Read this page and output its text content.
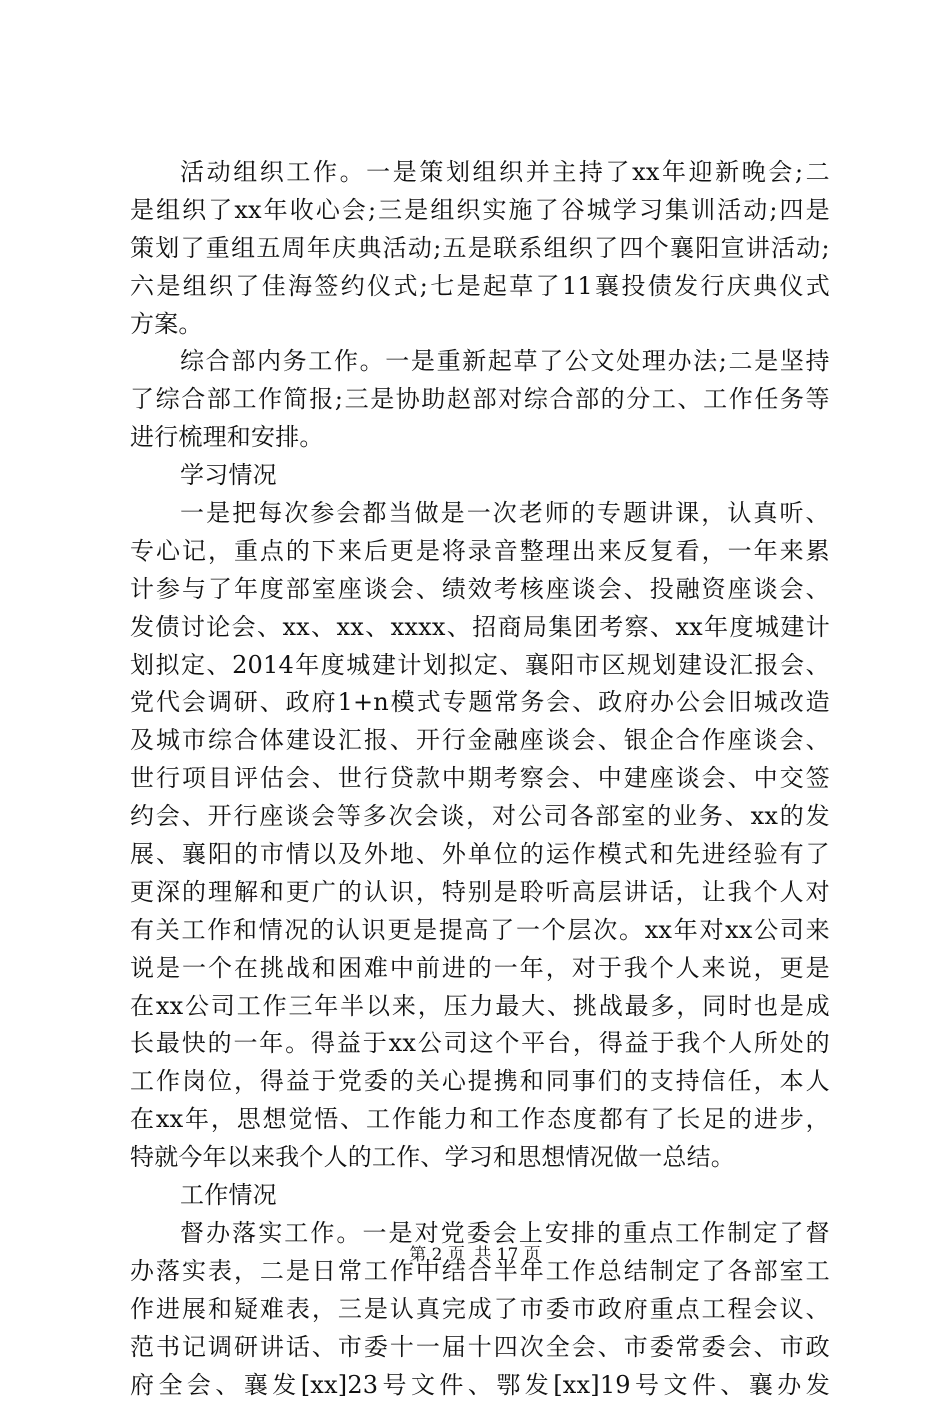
活 动 组 织 工 作 。 一 是 策 划 组 织 并 主 持 了 xx 年 迎 新 晚 会 ; 二
是 组 织 了 xx 年 收 心 会 ; 三 是 组 织 实 施 了 谷 城 学 习 集 训 活 动 ; 四 是
策 划 了 重 组 五 周 年 庆 典 活 动 ; 五 是 联 系 组 织 了 四 个 襄 阳 宣 讲 活 动 ;
六 是 组 织 了 佳 海 签 约 仪 式 ; 七 是 起 草 了 11 襄 投 债 发 行 庆 典 仪 式
方案。
综 合 部 内 务 工 作 。 一 是 重 新 起 草 了 公 文 处 理 办 法 ; 二 是 坚 持
了 综 合 部 工 作 简 报 ; 三 是 协 助 赵 部 对 综 合 部 的 分 工 、 工 作 任 务 等
进行梳理和安排。
学习情况
一 是 把 每 次 参 会 都 当 做 是 一 次 老 师 的 专 题 讲 课 ， 认 真 听 、
专 心 记 ， 重 点 的 下 来 后 更 是 将 录 音 整 理 出 来 反 复 看 ， 一 年 来 累
计 参 与 了 年 度 部 室 座 谈 会 、 绩 效 考 核 座 谈 会 、 投 融 资 座 谈 会 、
发 债 讨 论 会 、 xx 、 xx 、 xxxx 、 招 商 局 集 团 考 察 、 xx 年 度 城 建 计
划 拟 定 、 2014 年 度 城 建 计 划 拟 定 、 襄 阳 市 区 规 划 建 设 汇 报 会 、
党 代 会 调 研 、 政 府 1+n 模 式 专 题 常 务 会 、 政 府 办 公 会 旧 城 改 造
及 城 市 综 合 体 建 设 汇 报 、 开 行 金 融 座 谈 会 、 银 企 合 作 座 谈 会 、
世 行 项 目 评 估 会 、 世 行 贷 款 中 期 考 察 会 、 中 建 座 谈 会 、 中 交 签
约 会 、 开 行 座 谈 会 等 多 次 会 谈 ， 对 公 司 各 部 室 的 业 务 、 xx 的 发
展 、 襄 阳 的 市 情 以 及 外 地 、 外 单 位 的 运 作 模 式 和 先 进 经 验 有 了
更 深 的 理 解 和 更 广 的 认 识 ， 特 别 是 聆 听 高 层 讲 话 ， 让 我 个 人 对
有 关 工 作 和 情 况 的 认 识 更 是 提 高 了 一 个 层 次 。 xx 年 对 xx 公 司 来
说 是 一 个 在 挑 战 和 困 难 中 前 进 的 一 年 ， 对 于 我 个 人 来 说 ， 更 是
在 xx 公 司 工 作 三 年 半 以 来 ， 压 力 最 大 、 挑 战 最 多 ， 同 时 也 是 成
长 最 快 的 一 年 。 得 益 于 xx 公 司 这 个 平 台 ， 得 益 于 我 个 人 所 处 的
工 作 岗 位 ， 得 益 于 党 委 的 关 心 提 携 和 同 事 们 的 支 持 信 任 ， 本 人
在 xx 年 ， 思 想 觉 悟 、 工 作 能 力 和 工 作 态 度 都 有 了 长 足 的 进 步 ，
特就今年以来我个人的工作、学习和思想情况做一总结。
工作情况
督 办 落 实 工 作 。 一 是 对 党 委 会 上 安 排 的 重 点 工 作 制 定 了 督
办 落 实 表 ， 二 是 日 常 工 作 中 结 合 半 年 工 作 总 结 制 定 了 各 部 室 工
作 进 展 和 疑 难 表 ， 三 是 认 真 完 成 了 市 委 市 政 府 重 点 工 程 会 议 、
范 书 记 调 研 讲 话 、 市 委 十 一 届 十 四 次 全 会 、 市 委 常 委 会 、 市 政
府 全 会 、 襄 发 [xx]23 号 文 件 、 鄂 发 [xx]19 号 文 件 、 襄 办 发
第 2 页 共 17 页
